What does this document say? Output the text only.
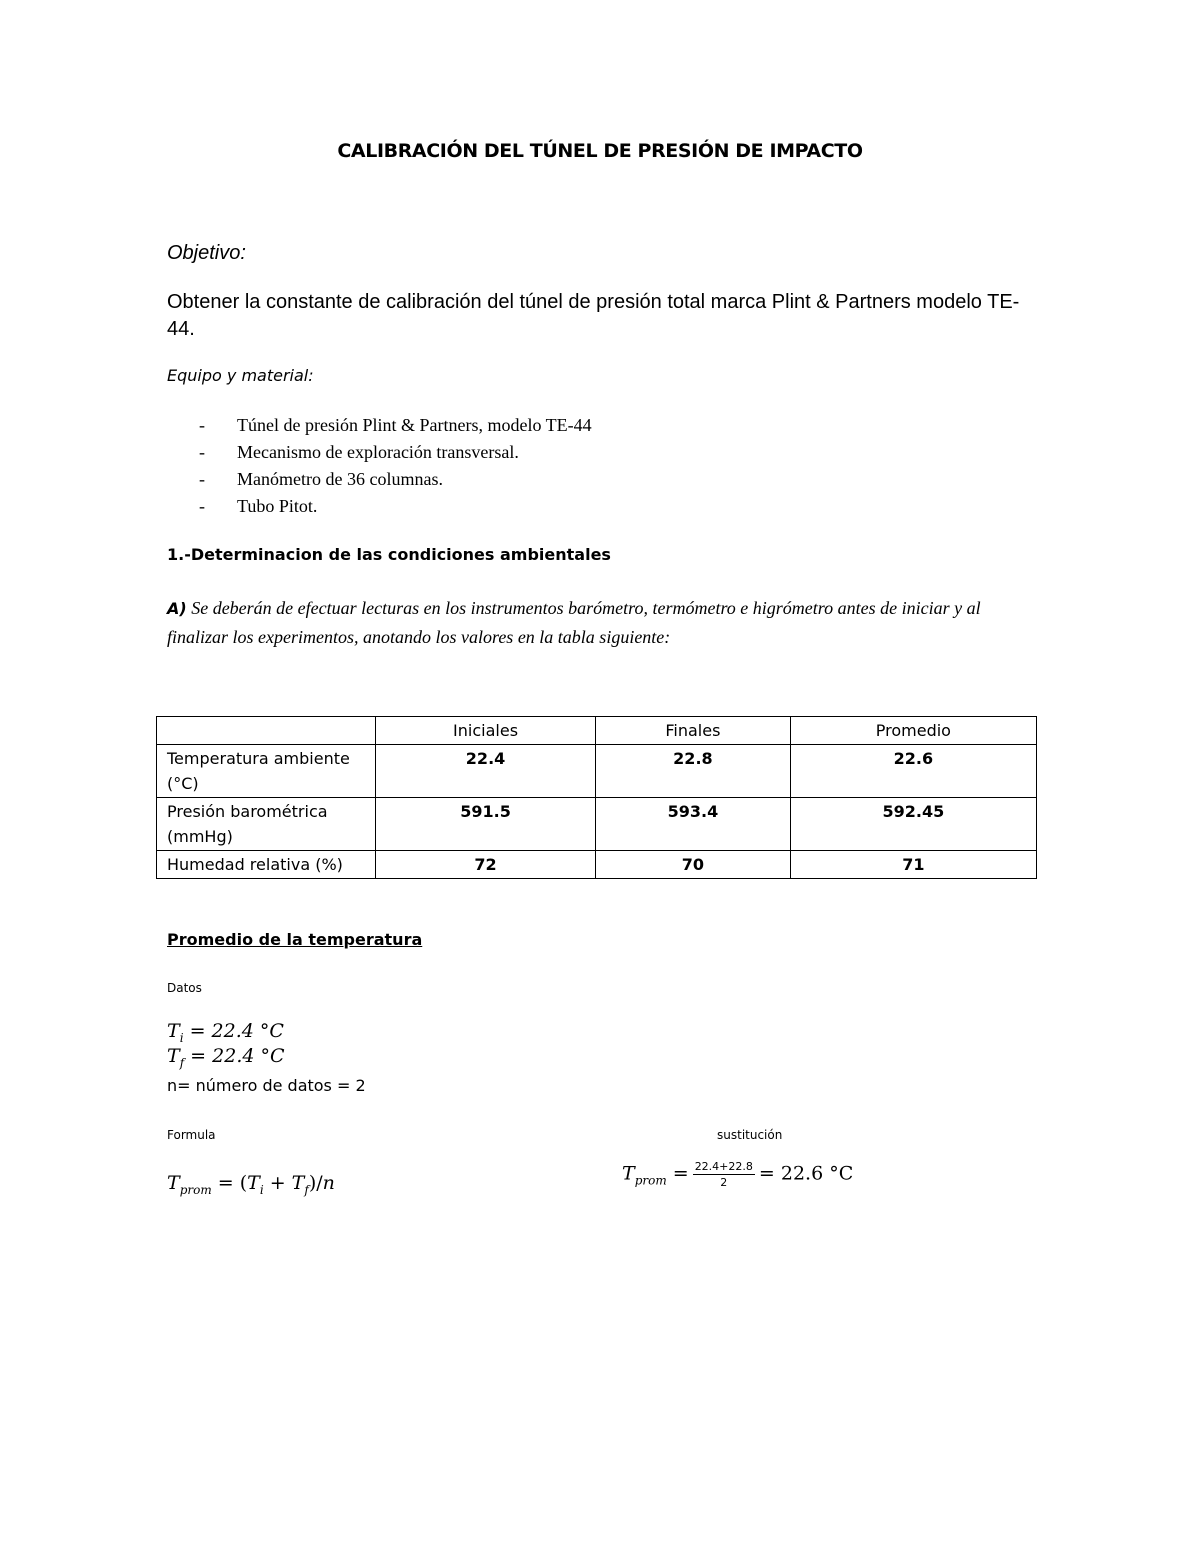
CALIBRACIÓN DEL TÚNEL DE PRESIÓN DE IMPACTO
Objetivo:
Obtener la constante de calibración del túnel de presión total marca Plint & Partners modelo TE-44.
Equipo y material:
- Túnel de presión Plint & Partners, modelo TE-44
- Mecanismo de exploración transversal.
- Manómetro de 36 columnas.
- Tubo Pitot.
1.-Determinacion de las condiciones ambientales
A) Se deberán de efectuar lecturas en los instrumentos barómetro, termómetro e higrómetro antes de iniciar y al finalizar los experimentos, anotando los valores en la tabla siguiente:
	Iniciales	Finales	Promedio
Temperatura ambiente (°C)	22.4	22.8	22.6
Presión barométrica (mmHg)	591.5	593.4	592.45
Humedad relativa (%)	72	70	71
Promedio de la temperatura
Datos
$T_i = 22.4$ °C
$T_f = 22.4$ °C
n= número de datos = 2
Formula	sustitución
$T_{prom} = (T_i + T_f)/n$	$T_{prom} = \frac{22.4+22.8}{2} = 22.6$ °C
